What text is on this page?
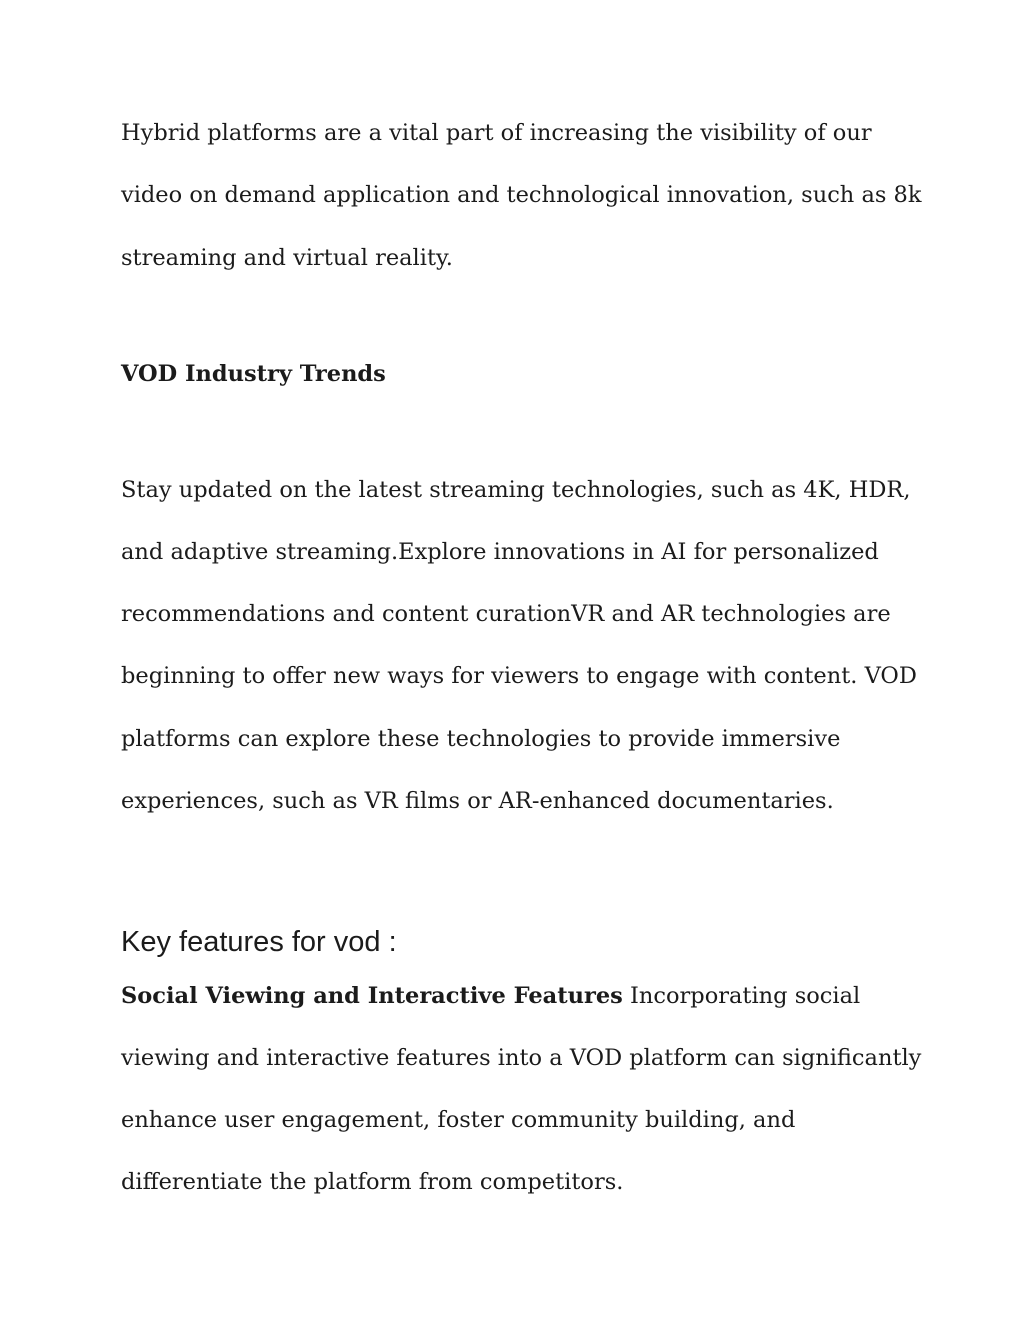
Hybrid platforms are a vital part of increasing the visibility of our
video on demand application and technological innovation, such as 8k
streaming and virtual reality.
VOD Industry Trends
Stay updated on the latest streaming technologies, such as 4K, HDR,
and adaptive streaming.Explore innovations in AI for personalized
recommendations and content curationVR and AR technologies are
beginning to offer new ways for viewers to engage with content. VOD
platforms can explore these technologies to provide immersive
experiences, such as VR films or AR-enhanced documentaries.
Key features for vod :
Social Viewing and Interactive Features Incorporating social
viewing and interactive features into a VOD platform can significantly
enhance user engagement, foster community building, and
differentiate the platform from competitors.
